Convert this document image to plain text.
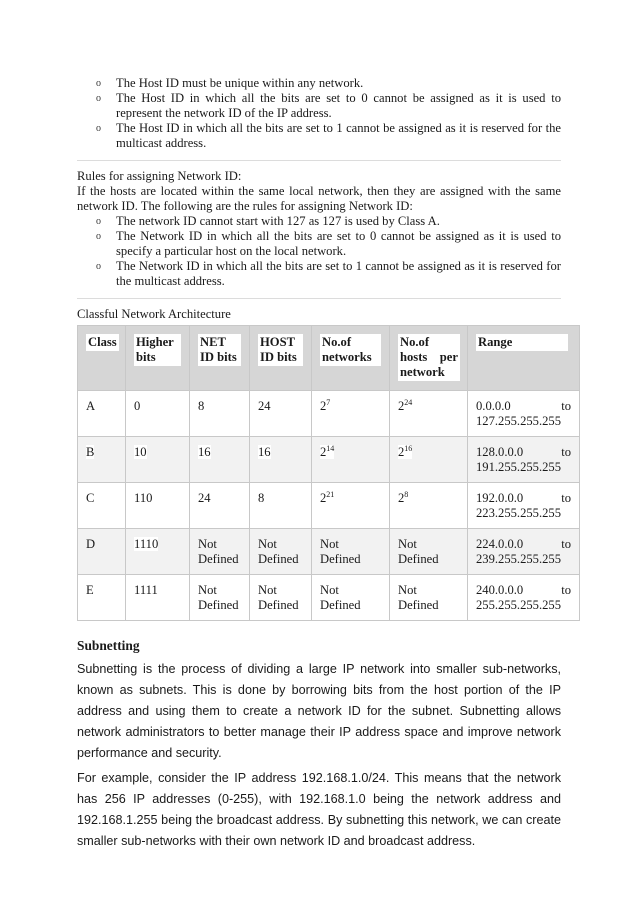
o The Host ID must be unique within any network.
o The Host ID in which all the bits are set to 0 cannot be assigned as it is used to represent the network ID of the IP address.
o The Host ID in which all the bits are set to 1 cannot be assigned as it is reserved for the multicast address.

Rules for assigning Network ID:

If the hosts are located within the same local network, then they are assigned with the same network ID. The following are the rules for assigning Network ID:

o The network ID cannot start with 127 as 127 is used by Class A.
o The Network ID in which all the bits are set to 0 cannot be assigned as it is used to specify a particular host on the local network.
o The Network ID in which all the bits are set to 1 cannot be assigned as it is reserved for the multicast address.

Classful Network Architecture

Class	Higher bits	NET ID bits	HOST ID bits	No.of networks	No.of hosts per network	Range
A	0	8	24	$2^7$	$2^{24}$	0.0.0.0 to
127.255.255.255

B	10	16	16	$2^{14}$	$2^{16}$	128.0.0.0 to
191.255.255.255

C	110	24	8	$2^{21}$	$2^8$	192.0.0.0 to
223.255.255.255

D	1110	Not Defined	Not Defined	Not Defined	Not Defined	224.0.0.0 to
239.255.255.255

E	1111	Not Defined	Not Defined	Not Defined	Not Defined	240.0.0.0 to
255.255.255.255
Subnetting

Subnetting is the process of dividing a large IP network into smaller sub-networks, known as subnets. This is done by borrowing bits from the host portion of the IP address and using them to create a network ID for the subnet. Subnetting allows network administrators to better manage their IP address space and improve network performance and security.

For example, consider the IP address 192.168.1.0/24. This means that the network has 256 IP addresses (0-255), with 192.168.1.0 being the network address and 192.168.1.255 being the broadcast address. By subnetting this network, we can create smaller sub-networks with their own network ID and broadcast address.
